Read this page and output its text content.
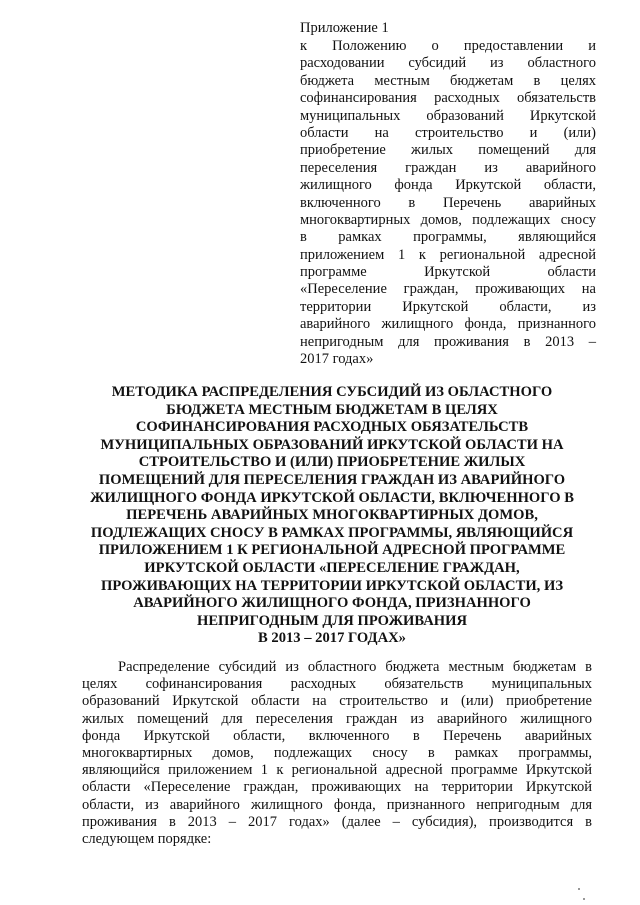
Приложение 1

к Положению о предоставлении и
расходовании субсидий из областного
бюджета местным бюджетам в целях
софинансирования расходных обязательств
муниципальных образований Иркутской
области на строительство и (или)
приобретение жилых помещений для
переселения граждан из аварийного
жилищного фонда Иркутской области,
включенного в Перечень аварийных
многоквартирных домов, подлежащих сносу
в рамках программы, являющийся
приложением 1 к региональной адресной
программе Иркутской области
«Переселение граждан, проживающих на
территории Иркутской области, из
аварийного жилищного фонда, признанного
непригодным для проживания в 2013 –
2017 годах»
МЕТОДИКА РАСПРЕДЕЛЕНИЯ СУБСИДИЙ ИЗ ОБЛАСТНОГО
БЮДЖЕТА МЕСТНЫМ БЮДЖЕТАМ В ЦЕЛЯХ
СОФИНАНСИРОВАНИЯ РАСХОДНЫХ ОБЯЗАТЕЛЬСТВ
МУНИЦИПАЛЬНЫХ ОБРАЗОВАНИЙ ИРКУТСКОЙ ОБЛАСТИ НА
СТРОИТЕЛЬСТВО И (ИЛИ) ПРИОБРЕТЕНИЕ ЖИЛЫХ
ПОМЕЩЕНИЙ ДЛЯ ПЕРЕСЕЛЕНИЯ ГРАЖДАН ИЗ АВАРИЙНОГО
ЖИЛИЩНОГО ФОНДА ИРКУТСКОЙ ОБЛАСТИ, ВКЛЮЧЕННОГО В
ПЕРЕЧЕНЬ АВАРИЙНЫХ МНОГОКВАРТИРНЫХ ДОМОВ,
ПОДЛЕЖАЩИХ СНОСУ В РАМКАХ ПРОГРАММЫ, ЯВЛЯЮЩИЙСЯ
ПРИЛОЖЕНИЕМ 1 К РЕГИОНАЛЬНОЙ АДРЕСНОЙ ПРОГРАММЕ
ИРКУТСКОЙ ОБЛАСТИ «ПЕРЕСЕЛЕНИЕ ГРАЖДАН,
ПРОЖИВАЮЩИХ НА ТЕРРИТОРИИ ИРКУТСКОЙ ОБЛАСТИ, ИЗ
АВАРИЙНОГО ЖИЛИЩНОГО ФОНДА, ПРИЗНАННОГО
НЕПРИГОДНЫМ ДЛЯ ПРОЖИВАНИЯ
В 2013 – 2017 ГОДАХ»
Распределение субсидий из областного бюджета местным бюджетам в
целях софинансирования расходных обязательств муниципальных
образований Иркутской области на строительство и (или) приобретение
жилых помещений для переселения граждан из аварийного жилищного
фонда Иркутской области, включенного в Перечень аварийных
многоквартирных домов, подлежащих сносу в рамках программы,
являющийся приложением 1 к региональной адресной программе Иркутской
области «Переселение граждан, проживающих на территории Иркутской
области, из аварийного жилищного фонда, признанного непригодным для
проживания в 2013 – 2017 годах» (далее – субсидия), производится в
следующем порядке:
